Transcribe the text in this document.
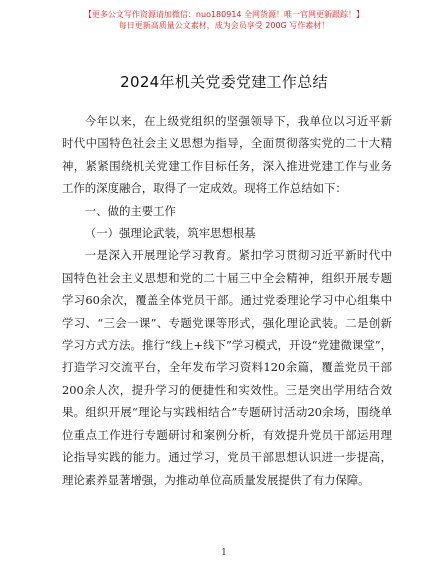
【更多公文写作资源请加微信：nuo180914 全网货源！唯一官网更新跟踪！】
每日更新高质量公文素材，成为会员享受 200G 写作素材！
2024年机关党委党建工作总结

今年以来，在上级党组织的坚强领导下，我单位以习近平新时代中国特色社会主义思想为指导，全面贯彻落实党的二十大精神，紧紧围绕机关党建工作目标任务，深入推进党建工作与业务工作的深度融合，取得了一定成效。现将工作总结如下：

一、做的主要工作

（一）强理论武装，筑牢思想根基

一是深入开展理论学习教育。紧扣学习贯彻习近平新时代中国特色社会主义思想和党的二十届三中全会精神，组织开展专题学习60余次，覆盖全体党员干部。通过党委理论学习中心组集中学习、“三会一课”、专题党课等形式，强化理论武装。二是创新学习方式方法。推行“线上+线下”学习模式，开设“党建微课堂”，打造学习交流平台，全年发布学习资料120余篇，覆盖党员干部200余人次，提升学习的便捷性和实效性。三是突出学用结合效果。组织开展“理论与实践相结合”专题研讨活动20余场，围绕单位重点工作进行专题研讨和案例分析，有效提升党员干部运用理论指导实践的能力。通过学习，党员干部思想认识进一步提高，理论素养显著增强，为推动单位高质量发展提供了有力保障。

1
